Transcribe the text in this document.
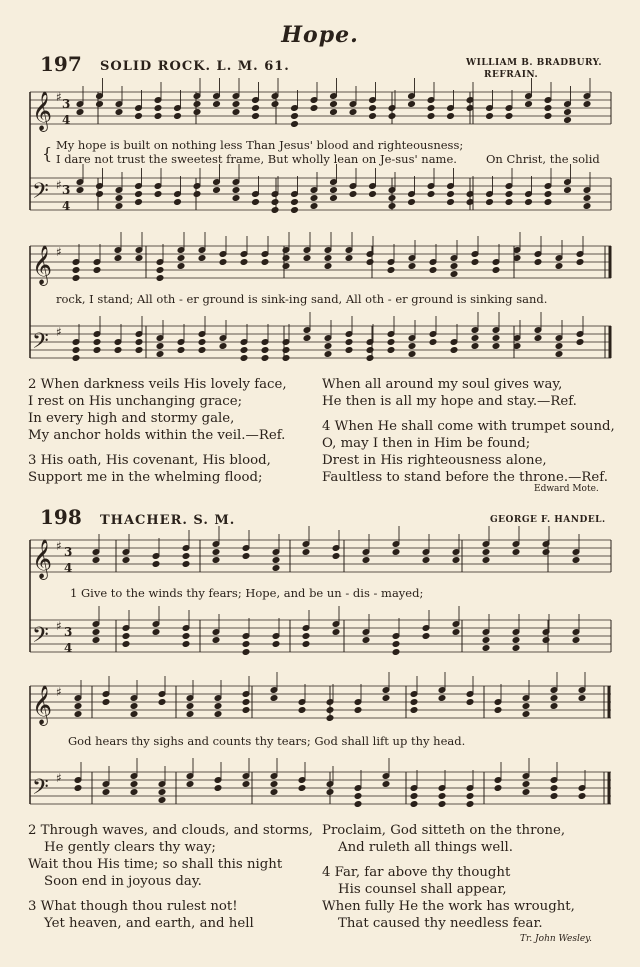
Hope.
197 SOLID ROCK. L. M. 61.	WILLIAM B. BRADBURY.
REFRAIN.
𝄞
𝄢
𝄞
𝄢
𝄞
𝄢
𝄞
𝄢
♯ 3
4
♯ 3
4
♯
♯
♯ 3
4
♯ 3
4
♯
♯
{ My hope is built on nothing less Than Jesus' blood and righteousness;
I dare not trust the sweetest frame, But wholly lean on Je-sus' name.	On Christ, the solid
rock, I stand; All oth - er ground is sink-ing sand, All oth - er ground is sinking sand.
2 When darkness veils His lovely face,
I rest on His unchanging grace;
In every high and stormy gale,
My anchor holds within the veil.—Ref.
3 His oath, His covenant, His blood,
Support me in the whelming flood;
When all around my soul gives way,
He then is all my hope and stay.—Ref.
4 When He shall come with trumpet sound,
O, may I then in Him be found;
Drest in His righteousness alone,
Faultless to stand before the throne.—Ref.
Edward Mote.
198 THACHER. S. M.	GEORGE F. HANDEL.
1 Give to the winds thy fears; Hope, and be un - dis - mayed;
God hears thy sighs and counts thy tears; God shall lift up thy head.
2 Through waves, and clouds, and storms,
He gently clears thy way;
Wait thou His time; so shall this night
Soon end in joyous day.
3 What though thou rulest not!
Yet heaven, and earth, and hell
Proclaim, God sitteth on the throne,
And ruleth all things well.
4 Far, far above thy thought
His counsel shall appear,
When fully He the work has wrought,
That caused thy needless fear.
Tr. John Wesley.
